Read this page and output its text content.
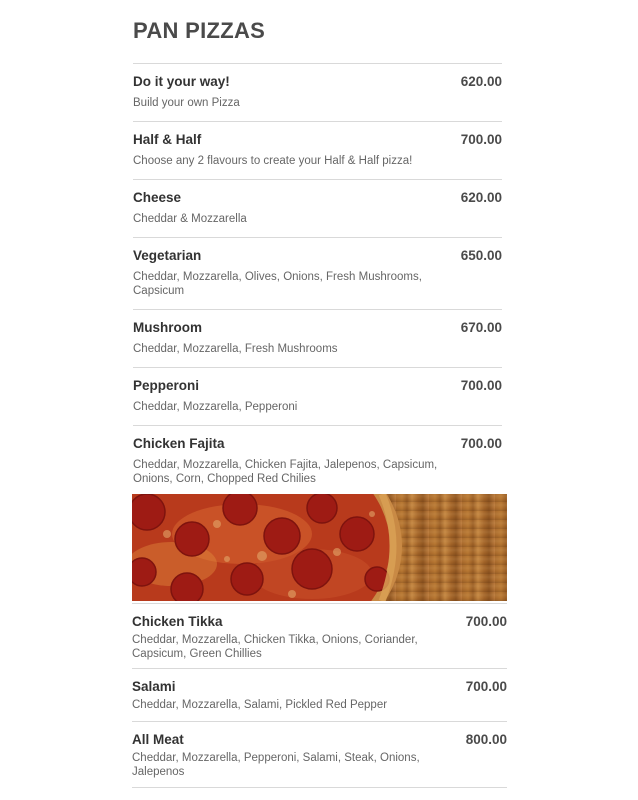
PAN PIZZAS
Do it your way!	620.00
Build your own Pizza
Half & Half	700.00
Choose any 2 flavours to create your Half & Half pizza!
Cheese	620.00
Cheddar & Mozzarella
Vegetarian	650.00
Cheddar, Mozzarella, Olives, Onions, Fresh Mushrooms, Capsicum
Mushroom	670.00
Cheddar, Mozzarella, Fresh Mushrooms
Pepperoni	700.00
Cheddar, Mozzarella, Pepperoni
Chicken Fajita	700.00
Cheddar, Mozzarella, Chicken Fajita, Jalepenos, Capsicum, Onions, Corn, Chopped Red Chilies
Chicken Tikka	700.00
Cheddar, Mozzarella, Chicken Tikka, Onions, Coriander, Capsicum, Green Chillies
Salami	700.00
Cheddar, Mozzarella, Salami, Pickled Red Pepper
All Meat	800.00
Cheddar, Mozzarella, Pepperoni, Salami, Steak, Onions, Jalepenos
